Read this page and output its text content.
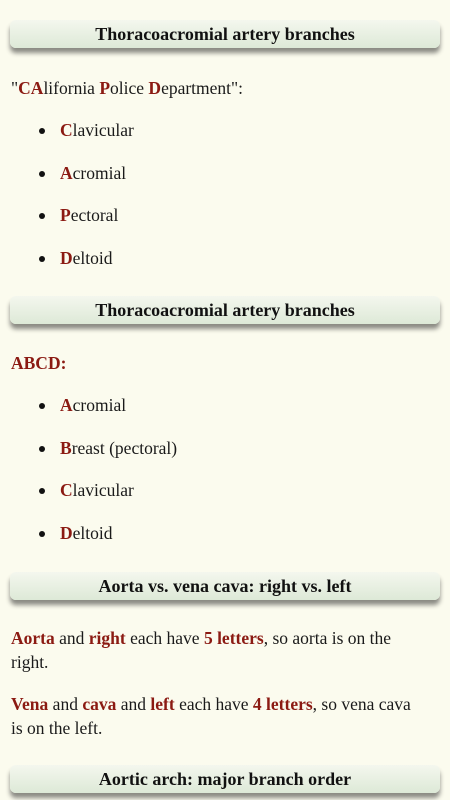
Thoracoacromial artery branches

"CAlifornia Police Department":

Clavicular
Acromial
Pectoral
Deltoid
Thoracoacromial artery branches

ABCD:

Acromial
Breast (pectoral)
Clavicular
Deltoid
Aorta vs. vena cava: right vs. left

Aorta and right each have 5 letters, so aorta is on the right.

Vena and cava and left each have 4 letters, so vena cava is on the left.

Aortic arch: major branch order
